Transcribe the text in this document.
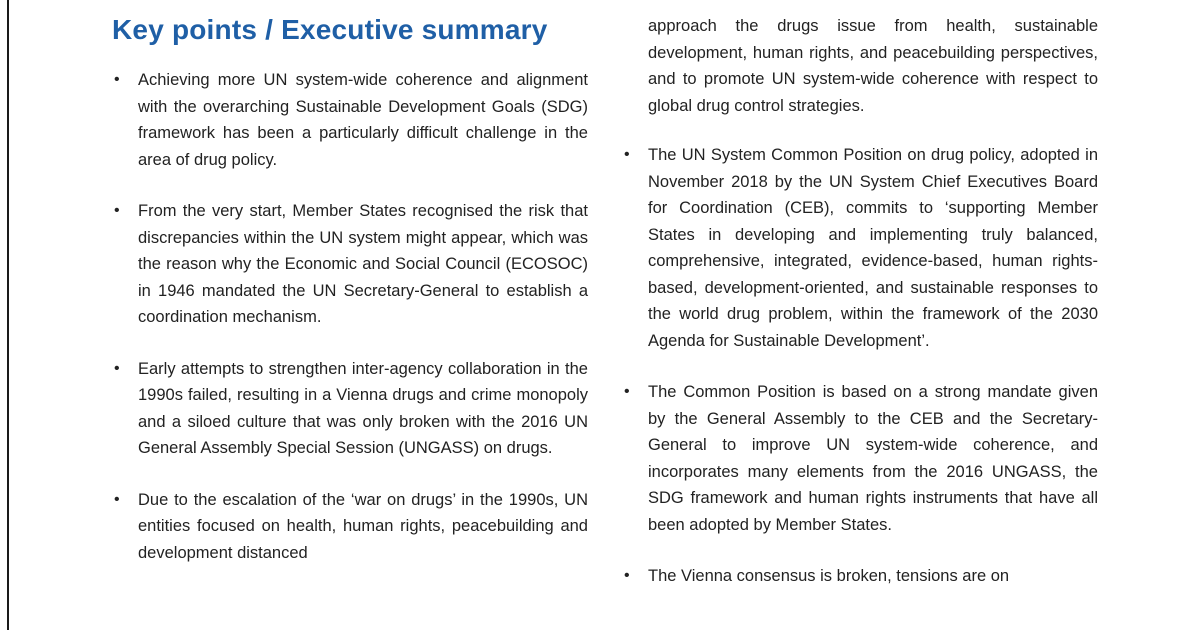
Key points / Executive summary
• Achieving more UN system-wide coherence and alignment with the overarching Sustainable Development Goals (SDG) framework has been a particularly difficult challenge in the area of drug policy.
• From the very start, Member States recognised the risk that discrepancies within the UN system might appear, which was the reason why the Economic and Social Council (ECOSOC) in 1946 mandated the UN Secretary-General to establish a coordination mechanism.
• Early attempts to strengthen inter-agency collaboration in the 1990s failed, resulting in a Vienna drugs and crime monopoly and a siloed culture that was only broken with the 2016 UN General Assembly Special Session (UNGASS) on drugs.
• Due to the escalation of the ‘war on drugs’ in the 1990s, UN entities focused on health, human rights, peacebuilding and development distanced
approach the drugs issue from health, sustainable development, human rights, and peacebuilding perspectives, and to promote UN system-wide coherence with respect to global drug control strategies.
• The UN System Common Position on drug policy, adopted in November 2018 by the UN System Chief Executives Board for Coordination (CEB), commits to ‘supporting Member States in developing and implementing truly balanced, comprehensive, integrated, evidence-based, human rights-based, development-oriented, and sustainable responses to the world drug problem, within the framework of the 2030 Agenda for Sustainable Development’.
• The Common Position is based on a strong mandate given by the General Assembly to the CEB and the Secretary-General to improve UN system-wide coherence, and incorporates many elements from the 2016 UNGASS, the SDG framework and human rights instruments that have all been adopted by Member States.
• The Vienna consensus is broken, tensions are on
